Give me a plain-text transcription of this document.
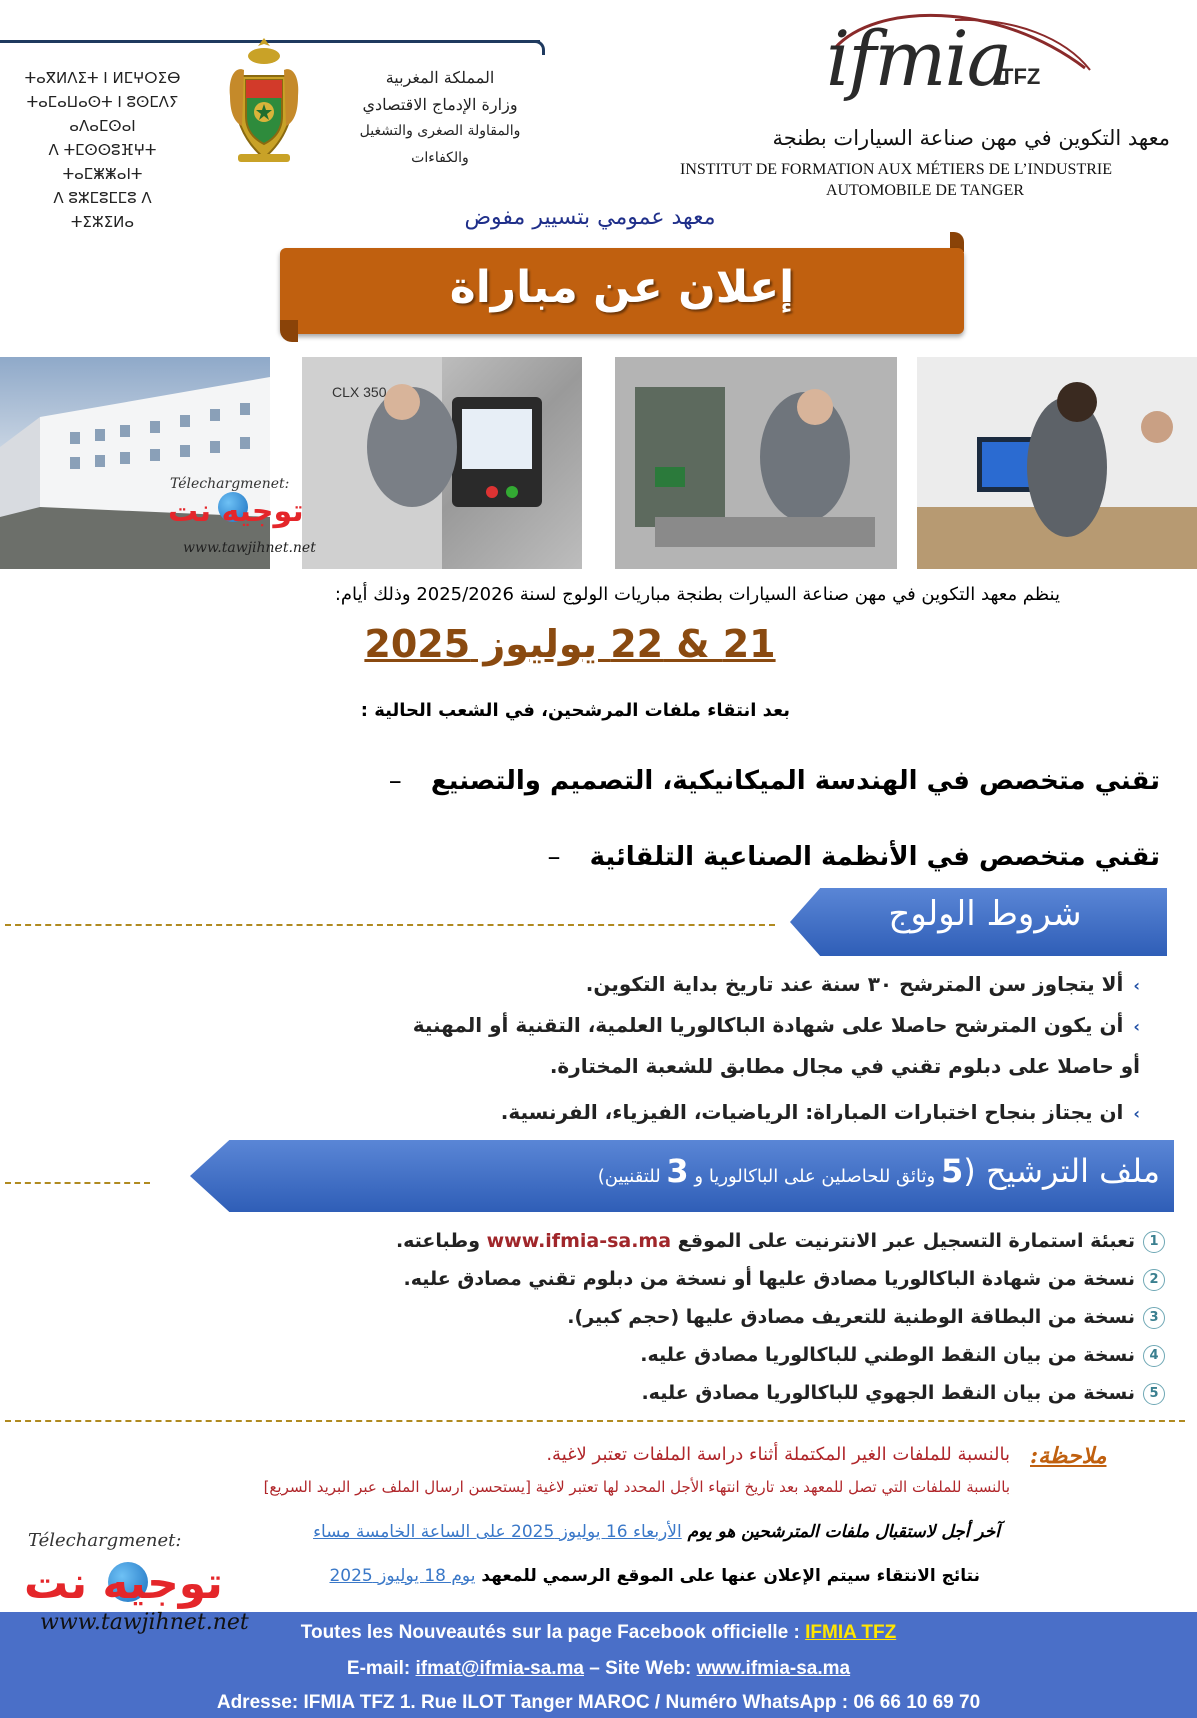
ⵜⴰⴳⵍⴷⵉⵜ ⵏ ⵍⵎⵖⵔⵉⴱ
ⵜⴰⵎⴰⵡⴰⵙⵜ ⵏ ⵓⵙⵎⴷⵢ ⴰⴷⴰⵎⵙⴰⵏ
ⴷ ⵜⵎⵙⵙⵓⴼⵖⵜ ⵜⴰⵎⵥⵥⴰⵏⵜ
ⴷ ⵓⵣⵎⵓⵎⵎⵓ ⴷ ⵜⵉⵣⵉⵍⴰ
المملكة المغربية
وزارة الإدماج الاقتصادي
والمقاولة الصغرى والتشغيل والكفاءات
ifmia
TFZ
معهد التكوين في مهن صناعة السيارات بطنجة
INSTITUT DE FORMATION AUX MÉTIERS DE L’INDUSTRIE
AUTOMOBILE DE TANGER
معهد عمومي بتسيير مفوض
إعلان عن مباراة
CLX 350
Télechargmenet:
توجيه نت
www.tawjihnet.net
ينظم معهد التكوين في مهن صناعة السيارات بطنجة مباريات الولوج لسنة 2025/2026 وذلك أيام:
21 & 22 يوليوز 2025
بعد انتقاء ملفات المرشحين، في الشعب الحالية :
تقني متخصص في الهندسة الميكانيكية، التصميم والتصنيع –
تقني متخصص في الأنظمة الصناعية التلقائية –
شروط الولوج
›ألا يتجاوز سن المترشح ٣٠ سنة عند تاريخ بداية التكوين.
›أن يكون المترشح حاصلا على شهادة الباكالوريا العلمية، التقنية أو المهنية
أو حاصلا على دبلوم تقني في مجال مطابق للشعبة المختارة.
›ان يجتاز بنجاح اختبارات المباراة: الرياضيات، الفيزياء، الفرنسية.
ملف الترشيح (5 وثائق للحاصلين على الباكالوريا و 3 للتقنيين)
1تعبئة استمارة التسجيل عبر الانترنيت على الموقع www.ifmia-sa.ma وطباعته.
2نسخة من شهادة الباكالوريا مصادق عليها أو نسخة من دبلوم تقني مصادق عليه.
3نسخة من البطاقة الوطنية للتعريف مصادق عليها (حجم كبير).
4نسخة من بيان النقط الوطني للباكالوريا مصادق عليه.
5نسخة من بيان النقط الجهوي للباكالوريا مصادق عليه.
ملاحظة:
بالنسبة للملفات الغير المكتملة أثناء دراسة الملفات تعتبر لاغية.
بالنسبة للملفات التي تصل للمعهد بعد تاريخ انتهاء الأجل المحدد لها تعتبر لاغية [يستحسن ارسال الملف عبر البريد السريع]
آخر أجل لاستقبال ملفات المترشحين هو يوم الأربعاء 16 يوليوز 2025 على الساعة الخامسة مساء
نتائج الانتقاء سيتم الإعلان عنها على الموقع الرسمي للمعهد يوم 18 يوليوز 2025
Télechargmenet:
توجيه نت
www.tawjihnet.net	Toutes les Nouveautés sur la page Facebook officielle : IFMIA TFZ
E-mail: ifmat@ifmia-sa.ma – Site Web: www.ifmia-sa.ma
Adresse: IFMIA TFZ 1. Rue ILOT Tanger MAROC / Numéro WhatsApp : 06 66 10 69 70
